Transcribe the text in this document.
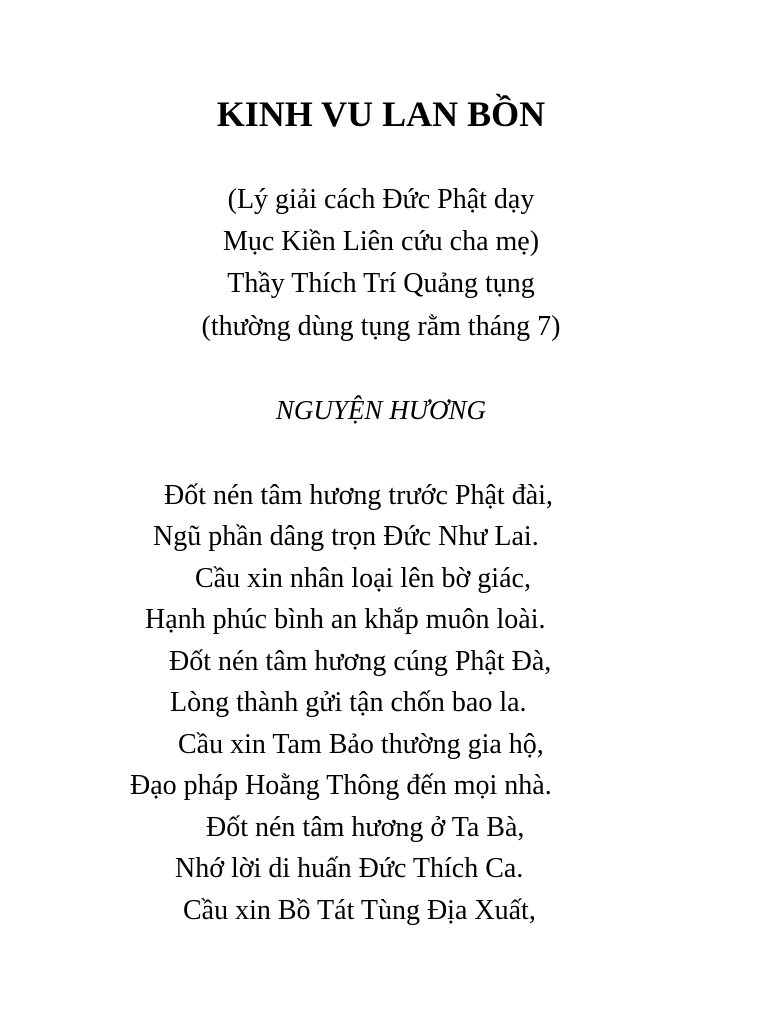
KINH VU LAN BỒN

(Lý giải cách Đức Phật dạy

Mục Kiền Liên cứu cha mẹ)

Thầy Thích Trí Quảng tụng

(thường dùng tụng rằm tháng 7)

NGUYỆN HƯƠNG

Đốt nén tâm hương trước Phật đài,

Ngũ phần dâng trọn Đức Như Lai.

Cầu xin nhân loại lên bờ giác,

Hạnh phúc bình an khắp muôn loài.

Đốt nén tâm hương cúng Phật Đà,

Lòng thành gửi tận chốn bao la.

Cầu xin Tam Bảo thường gia hộ,

Đạo pháp Hoằng Thông đến mọi nhà.

Đốt nén tâm hương ở Ta Bà,

Nhớ lời di huấn Đức Thích Ca.

Cầu xin Bồ Tát Tùng Địa Xuất,
